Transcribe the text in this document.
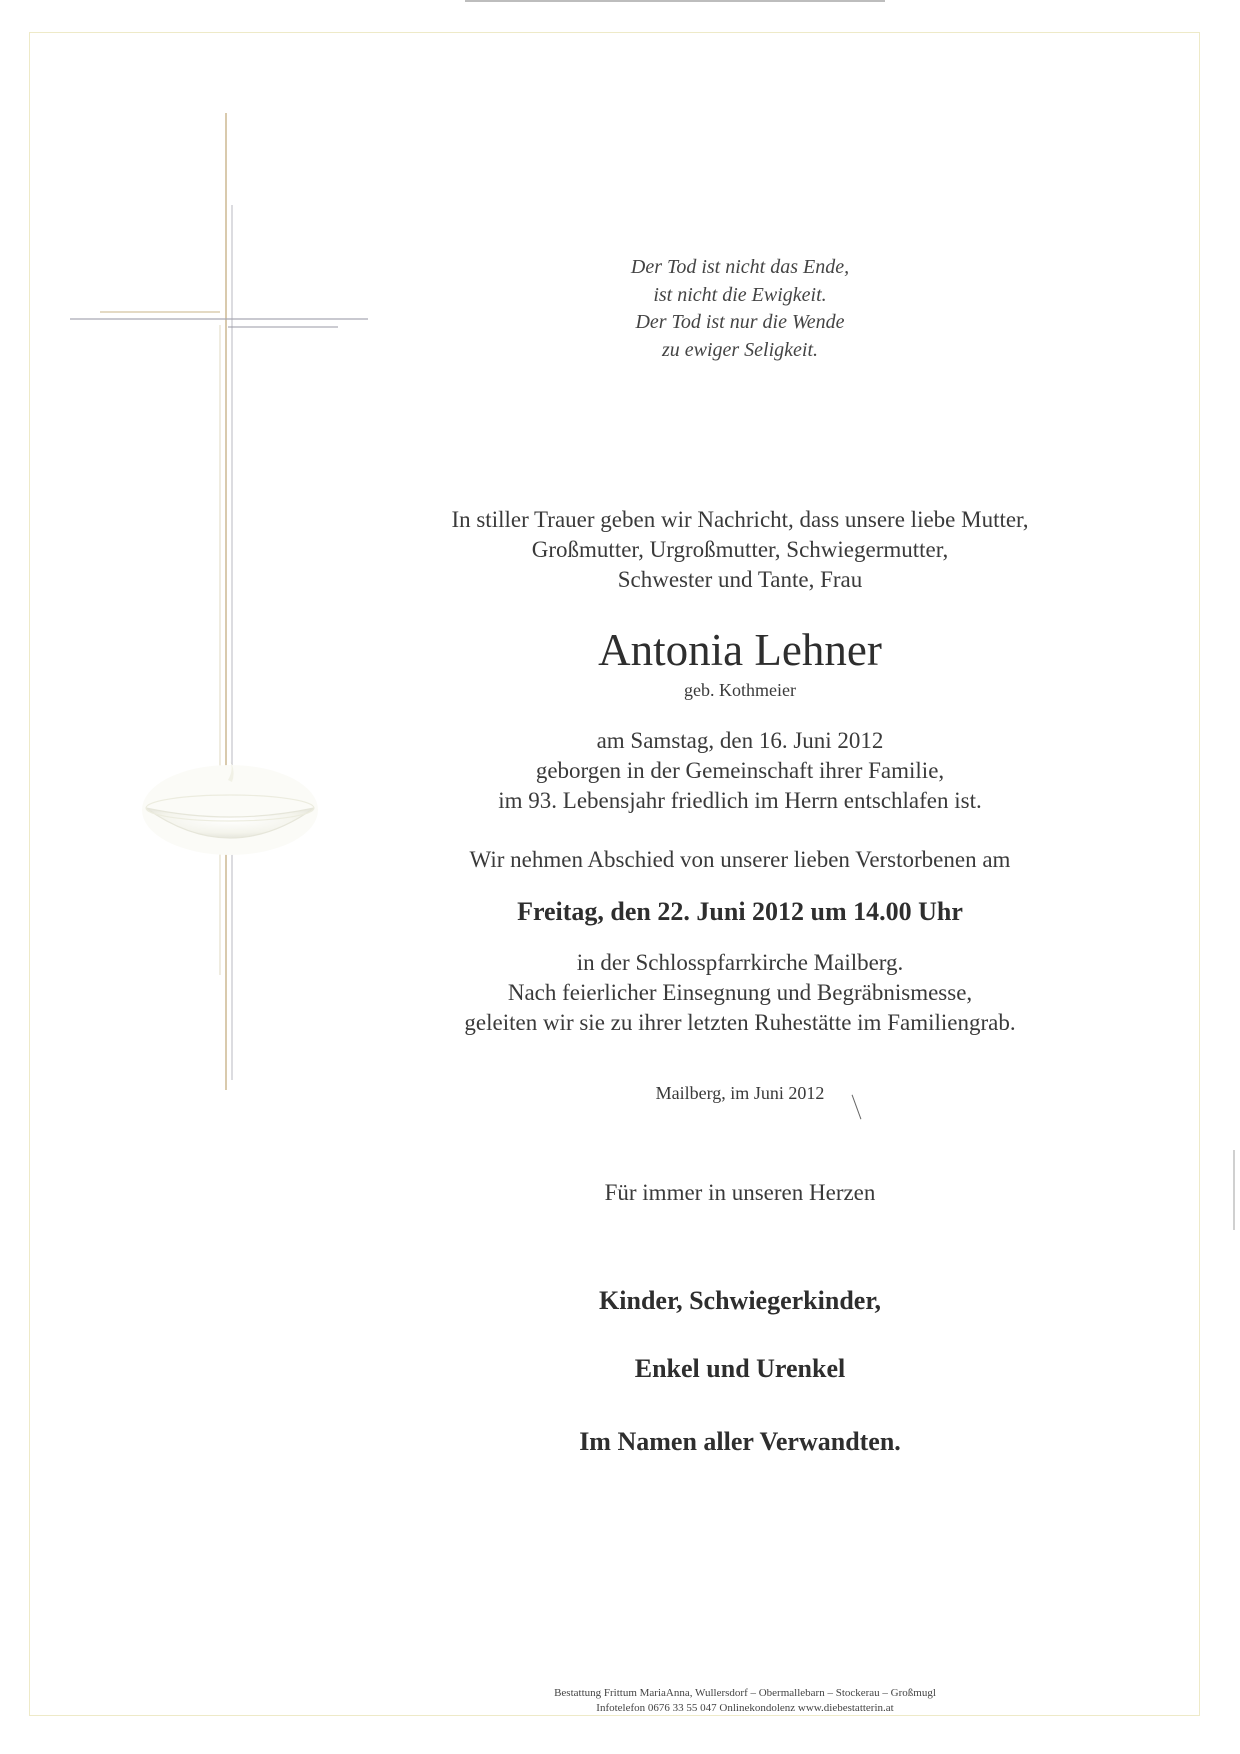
Der Tod ist nicht das Ende,
ist nicht die Ewigkeit.
Der Tod ist nur die Wende
zu ewiger Seligkeit.
In stiller Trauer geben wir Nachricht, dass unsere liebe Mutter,
Großmutter, Urgroßmutter, Schwiegermutter,
Schwester und Tante, Frau
Antonia Lehner
geb. Kothmeier
am Samstag, den 16. Juni 2012
geborgen in der Gemeinschaft ihrer Familie,
im 93. Lebensjahr friedlich im Herrn entschlafen ist.
Wir nehmen Abschied von unserer lieben Verstorbenen am
Freitag, den 22. Juni 2012 um 14.00 Uhr
in der Schlosspfarrkirche Mailberg.
Nach feierlicher Einsegnung und Begräbnismesse,
geleiten wir sie zu ihrer letzten Ruhestätte im Familiengrab.
Mailberg, im Juni 2012
Für immer in unseren Herzen
Kinder, Schwiegerkinder,
Enkel und Urenkel
Im Namen aller Verwandten.
Bestattung Frittum MariaAnna, Wullersdorf – Obermallebarn – Stockerau – Großmugl
Infotelefon 0676 33 55 047 Onlinekondolenz www.diebestatterin.at
